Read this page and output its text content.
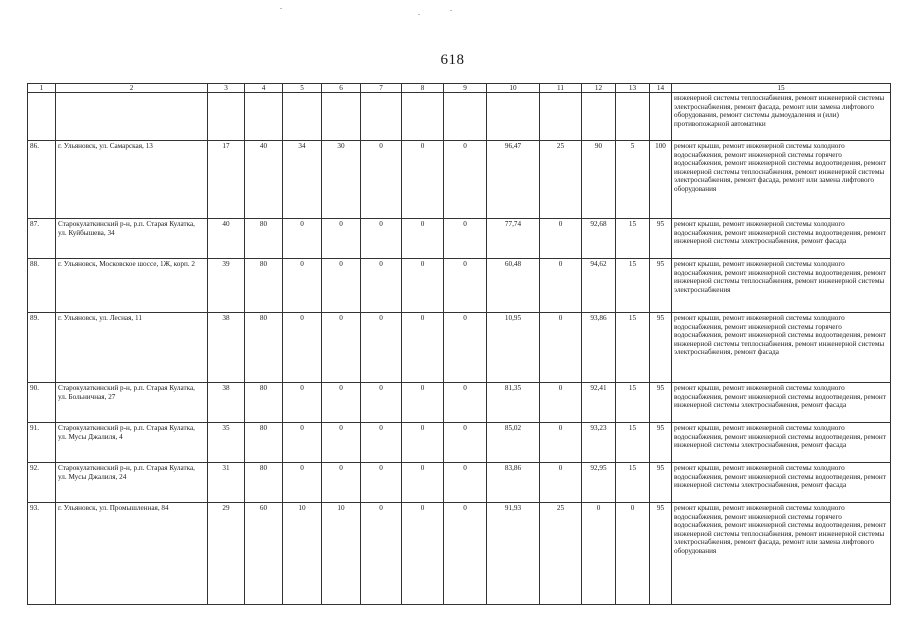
618
1	2	3	4	5	6	7	8	9	10	11	12	13	14	15
														инженерной системы теплоснабжения, ремонт инженерной системы электроснабжения, ремонт фасада, ремонт или замена лифтового оборудования, ремонт системы дымоудаления и (или) противопожарной автоматики
86.	г. Ульяновск, ул. Самарская, 13	17	40	34	30	0	0	0	96,47	25	90	5	100	ремонт крыши, ремонт инженерной системы холодного водоснабжения, ремонт инженерной системы горячего водоснабжения, ремонт инженерной системы водоотведения, ремонт инженерной системы теплоснабжения, ремонт инженерной системы электроснабжения, ремонт фасада, ремонт или замена лифтового оборудования
87.	Старокулаткинский р-н, р.п. Старая Кулатка, ул. Куйбышева, 34	40	80	0	0	0	0	0	77,74	0	92,68	15	95	ремонт крыши, ремонт инженерной системы холодного водоснабжения, ремонт инженерной системы водоотведения, ремонт инженерной системы электроснабжения, ремонт фасада
88.	г. Ульяновск, Московское шоссе, 1Ж, корп. 2	39	80	0	0	0	0	0	60,48	0	94,62	15	95	ремонт крыши, ремонт инженерной системы холодного водоснабжения, ремонт инженерной системы водоотведения, ремонт инженерной системы теплоснабжения, ремонт инженерной системы электроснабжения
89.	г. Ульяновск, ул. Лесная, 11	38	80	0	0	0	0	0	10,95	0	93,86	15	95	ремонт крыши, ремонт инженерной системы холодного водоснабжения, ремонт инженерной системы горячего водоснабжения, ремонт инженерной системы водоотведения, ремонт инженерной системы теплоснабжения, ремонт инженерной системы электроснабжения, ремонт фасада
90.	Старокулаткинский р-н, р.п. Старая Кулатка, ул. Больничная, 27	38	80	0	0	0	0	0	81,35	0	92,41	15	95	ремонт крыши, ремонт инженерной системы холодного водоснабжения, ремонт инженерной системы водоотведения, ремонт инженерной системы электроснабжения, ремонт фасада
91.	Старокулаткинский р-н, р.п. Старая Кулатка, ул. Мусы Джалиля, 4	35	80	0	0	0	0	0	85,02	0	93,23	15	95	ремонт крыши, ремонт инженерной системы холодного водоснабжения, ремонт инженерной системы водоотведения, ремонт инженерной системы электроснабжения, ремонт фасада
92.	Старокулаткинский р-н, р.п. Старая Кулатка, ул. Мусы Джалиля, 24	31	80	0	0	0	0	0	83,86	0	92,95	15	95	ремонт крыши, ремонт инженерной системы холодного водоснабжения, ремонт инженерной системы водоотведения, ремонт инженерной системы электроснабжения, ремонт фасада
93.	г. Ульяновск, ул. Промышленная, 84	29	60	10	10	0	0	0	91,93	25	0	0	95	ремонт крыши, ремонт инженерной системы холодного водоснабжения, ремонт инженерной системы горячего водоснабжения, ремонт инженерной системы водоотведения, ремонт инженерной системы теплоснабжения, ремонт инженерной системы электроснабжения, ремонт фасада, ремонт или замена лифтового оборудования
